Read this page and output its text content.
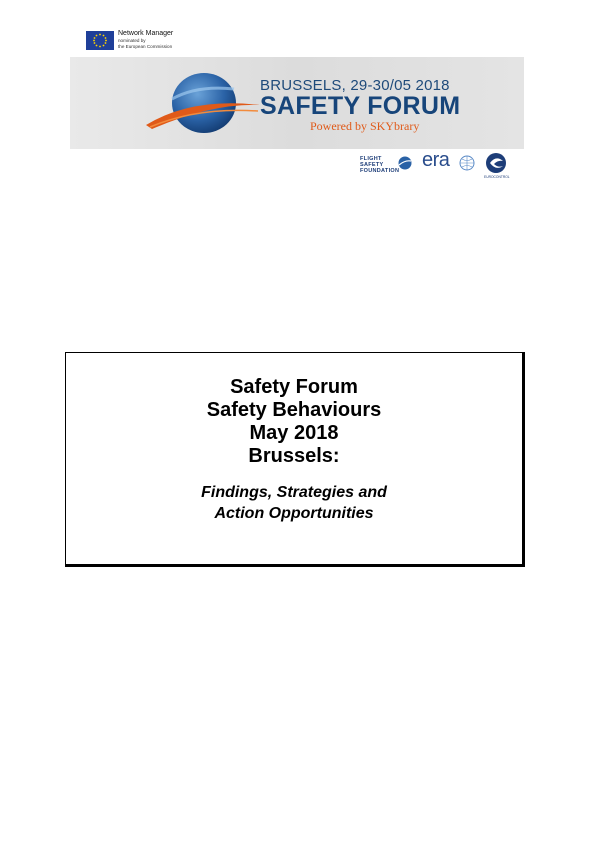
Network Manager
nominated by
the European Commission
BRUSSELS, 29-30/05 2018
SAFETY FORUM
Powered by SKYbrary
FLIGHT
SAFETY
FOUNDATION
era
EUROCONTROL
Safety Forum
Safety Behaviours
May 2018
Brussels:
Findings, Strategies and
Action Opportunities
